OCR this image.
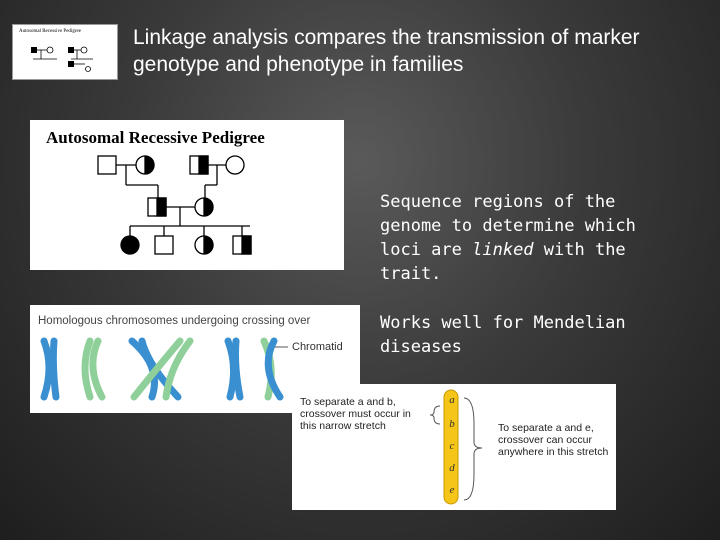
Autosomal Recessive Pedigree Linkage analysis compares the transmission of marker genotype and phenotype in families
Autosomal Recessive Pedigree
Sequence regions of the genome to determine which loci are linked with the trait.
Works well for Mendelian diseases
Homologous chromosomes undergoing crossing over
Chromatid
To separate a and b, crossover must occur in this narrow stretch	To separate a and e, crossover can occur anywhere in this stretch
a
b
c
d
e
